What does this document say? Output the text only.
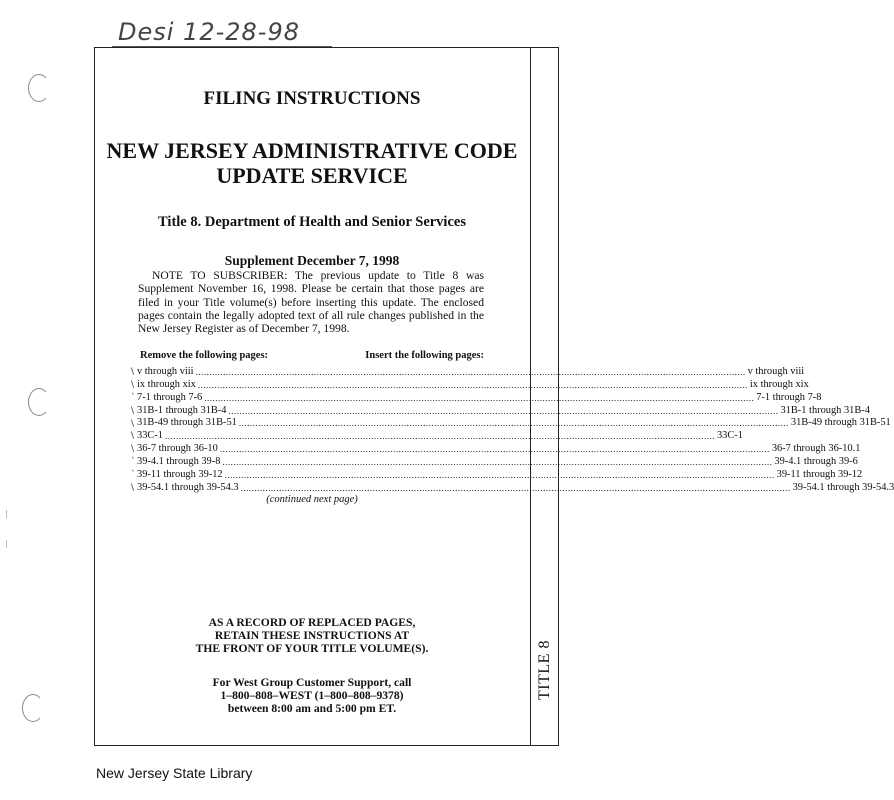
Desi 12-28-98
TITLE 8
FILING INSTRUCTIONS
NEW JERSEY ADMINISTRATIVE CODE
UPDATE SERVICE
Title 8. Department of Health and Senior Services
Supplement December 7, 1998
NOTE TO SUBSCRIBER: The previous update to Title 8 was Supplement November 16, 1998. Please be certain that those pages are filed in your Title volume(s) before inserting this update. The enclosed pages contain the legally adopted text of all rule changes published in the New Jersey Register as of December 7, 1998.
Remove the following pages:	Insert the following pages:
\ v through viii ........................................................................................................................................................................................................ v through viii
\ ix through xix ........................................................................................................................................................................................................ ix through xix
` 7-1 through 7-6 ........................................................................................................................................................................................................ 7-1 through 7-8
\ 31B-1 through 31B-4 ........................................................................................................................................................................................................ 31B-1 through 31B-4
\ 31B-49 through 31B-51 ........................................................................................................................................................................................................ 31B-49 through 31B-51
\ 33C-1 ........................................................................................................................................................................................................ 33C-1
\ 36-7 through 36-10 ........................................................................................................................................................................................................ 36-7 through 36-10.1
` 39-4.1 through 39-8 ........................................................................................................................................................................................................ 39-4.1 through 39-6
` 39-11 through 39-12 ........................................................................................................................................................................................................ 39-11 through 39-12
\ 39-54.1 through 39-54.3 ........................................................................................................................................................................................................ 39-54.1 through 39-54.3
(continued next page)
AS A RECORD OF REPLACED PAGES,
RETAIN THESE INSTRUCTIONS AT
THE FRONT OF YOUR TITLE VOLUME(S).
For West Group Customer Support, call
1–800–808–WEST (1–800–808–9378)
between 8:00 am and 5:00 pm ET.
New Jersey State Library
